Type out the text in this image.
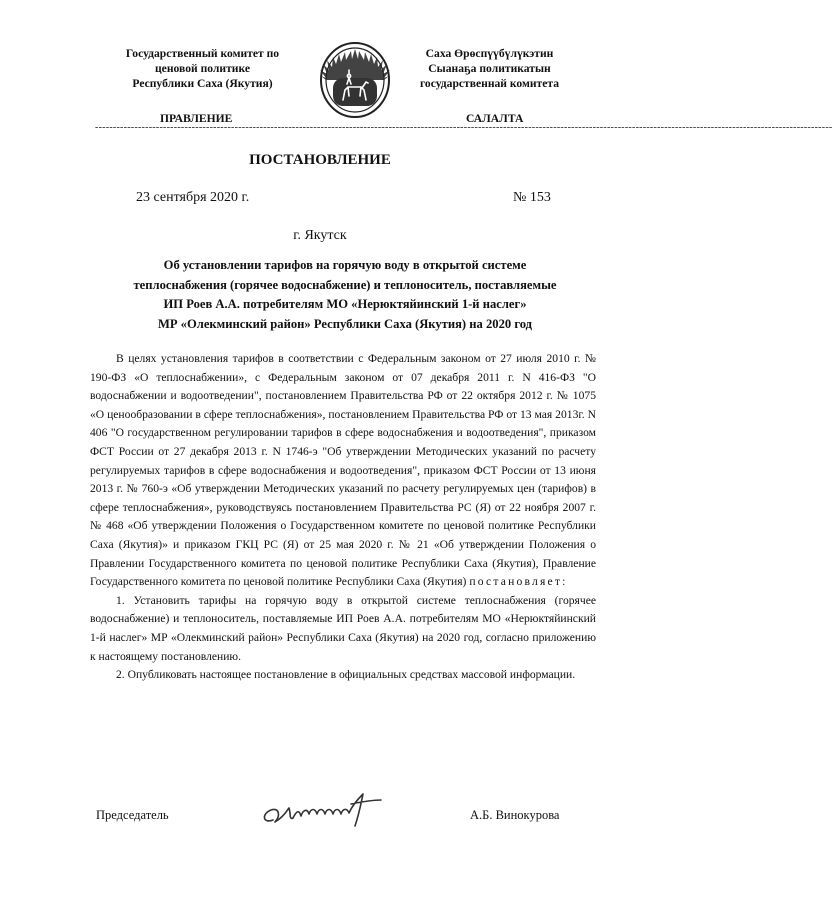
Государственный комитет по
ценовой политике
Республики Саха (Якутия)
Саха Өрөспүүбүлүкэтин
Сыанаҕа политикатын
государственнай комитета
ПРАВЛЕНИЕ	САЛАЛТА
--------------------------------------------------------------------------------------------------------------------------------------------------------------------------------------------------------------
ПОСТАНОВЛЕНИЕ
23 сентября 2020 г.	№ 153
г. Якутск
Об установлении тарифов на горячую воду в открытой системе
теплоснабжения (горячее водоснабжение) и теплоноситель, поставляемые
ИП Роев А.А. потребителям МО «Нерюктяйинский 1-й наслег»
МР «Олекминский район» Республики Саха (Якутия) на 2020 год

В целях установления тарифов в соответствии с Федеральным законом от 27 июля 2010 г. № 190-ФЗ «О теплоснабжении», с Федеральным законом от 07 декабря 2011 г. N 416-ФЗ "О водоснабжении и водоотведении", постановлением Правительства РФ от 22 октября 2012 г. № 1075 «О ценообразовании в сфере теплоснабжения», постановлением Правительства РФ от 13 мая 2013г. N 406 "О государственном регулировании тарифов в сфере водоснабжения и водоотведения", приказом ФСТ России от 27 декабря 2013 г. N 1746-э "Об утверждении Методических указаний по расчету регулируемых тарифов в сфере водоснабжения и водоотведения", приказом ФСТ России от 13 июня 2013 г. № 760-э «Об утверждении Методических указаний по расчету регулируемых цен (тарифов) в сфере теплоснабжения», руководствуясь постановлением Правительства РС (Я) от 22 ноября 2007 г. № 468 «Об утверждении Положения о Государственном комитете по ценовой политике Республики Саха (Якутия)» и приказом ГКЦ РС (Я) от 25 мая 2020 г. № 21 «Об утверждении Положения о Правлении Государственного комитета по ценовой политике Республики Саха (Якутия), Правление Государственного комитета по ценовой политике Республики Саха (Якутия) постановляет:

1. Установить тарифы на горячую воду в открытой системе теплоснабжения (горячее водоснабжение) и теплоноситель, поставляемые ИП Роев А.А. потребителям МО «Нерюктяйинский 1-й наслег» МР «Олекминский район» Республики Саха (Якутия) на 2020 год, согласно приложению к настоящему постановлению.

2. Опубликовать настоящее постановление в официальных средствах массовой информации.

Председатель	А.Б. Винокурова
